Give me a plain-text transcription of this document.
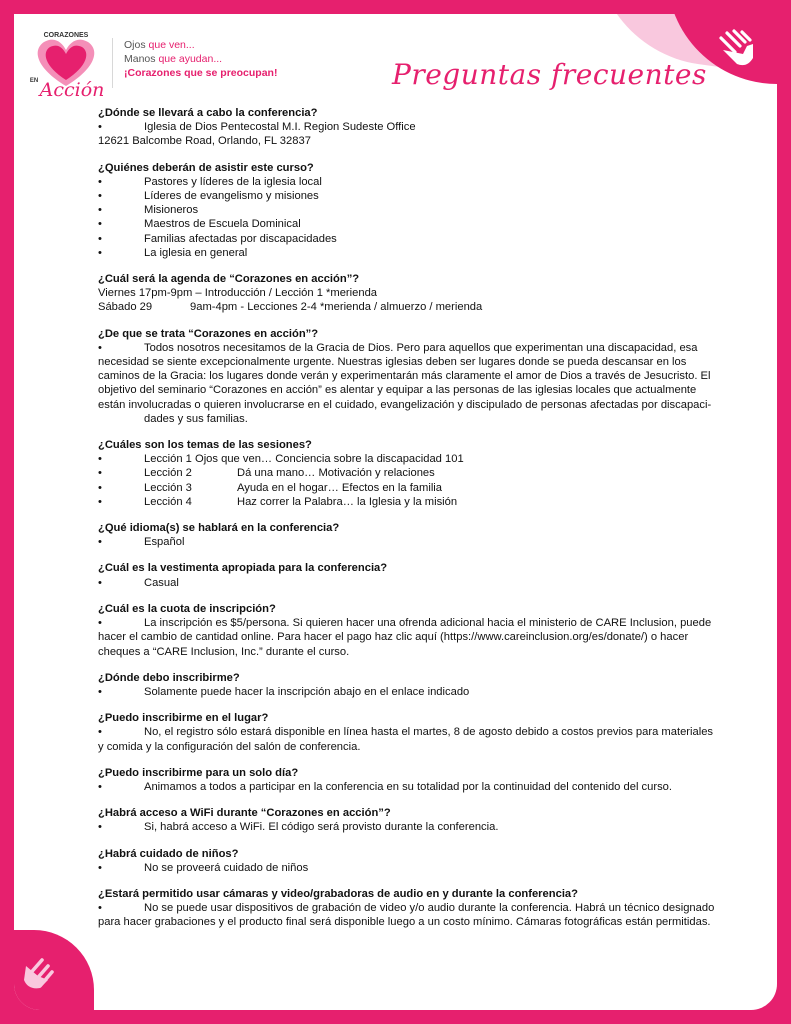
CORAZONES
EN Acción
Ojos que ven...
Manos que ayudan...
¡Corazones que se preocupan!	Preguntas frecuentes
¿Dónde se llevará a cabo la conferencia?
• Iglesia de Dios Pentecostal M.I. Region Sudeste Office
12621 Balcombe Road, Orlando, FL 32837
¿Quiénes deberán de asistir este curso?
• Pastores y líderes de la iglesia local
• Líderes de evangelismo y misiones
• Misioneros
• Maestros de Escuela Dominical
• Familias afectadas por discapacidades
• La iglesia en general
¿Cuál será la agenda de “Corazones en acción”?
Viernes 17pm-9pm – Introducción / Lección 1 *merienda
Sábado 29	9am-4pm - Lecciones 2-4 *merienda / almuerzo / merienda
¿De que se trata “Corazones en acción”?
•	Todos nosotros necesitamos de la Gracia de Dios. Pero para aquellos que experimentan una discapacidad, esa necesidad se siente excepcionalmente urgente. Nuestras iglesias deben ser lugares donde se pueda descansar en los caminos de la Gracia: los lugares donde verán y experimentarán más claramente el amor de Dios a través de Jesucristo. El objetivo del seminario “Corazones en acción” es alentar y equipar a las personas de las iglesias locales que actualmente están involucradas o quieren involucrarse en el cuidado, evangelización y discipulado de personas afectadas por discapaci-
dades y sus familias.
¿Cuáles son los temas de las sesiones?
• Lección 1 Ojos que ven… Conciencia sobre la discapacidad 101
• Lección 2	Dá una mano… Motivación y relaciones
• Lección 3	Ayuda en el hogar… Efectos en la familia
• Lección 4	Haz correr la Palabra… la Iglesia y la misión
¿Qué idioma(s) se hablará en la conferencia?
• Español
¿Cuál es la vestimenta apropiada para la conferencia?
• Casual
¿Cuál es la cuota de inscripción?
•	La inscripción es $5/persona. Si quieren hacer una ofrenda adicional hacia el ministerio de CARE Inclusion, puede hacer el cambio de cantidad online. Para hacer el pago haz clic aquí (https://www.careinclusion.org/es/donate/) o hacer cheques a “CARE Inclusion, Inc.” durante el curso.
¿Dónde debo inscribirme?
• Solamente puede hacer la inscripción abajo en el enlace indicado
¿Puedo inscribirme en el lugar?
•	No, el registro sólo estará disponible en línea hasta el martes, 8 de agosto debido a costos previos para materiales y comida y la configuración del salón de conferencia.
¿Puedo inscribirme para un solo día?
• Animamos a todos a participar en la conferencia en su totalidad por la continuidad del contenido del curso.
¿Habrá acceso a WiFi durante “Corazones en acción”?
• Si, habrá acceso a WiFi. El código será provisto durante la conferencia.
¿Habrá cuidado de niños?
• No se proveerá cuidado de niños
¿Estará permitido usar cámaras y video/grabadoras de audio en y durante la conferencia?
•	No se puede usar dispositivos de grabación de video y/o audio durante la conferencia. Habrá un técnico designado para hacer grabaciones y el producto final será disponible luego a un costo mínimo. Cámaras fotográficas están permitidas.
